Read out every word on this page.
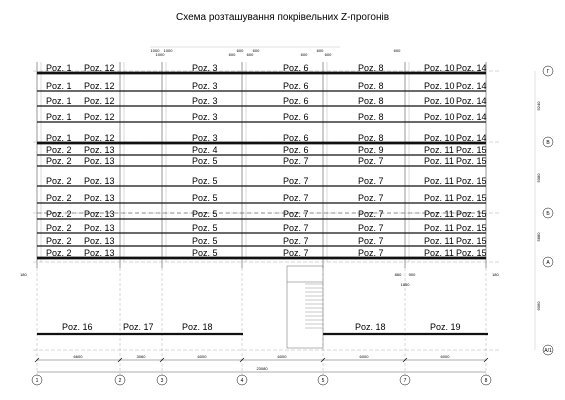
Схема розташування покрівельних Z-прогонів
Poz. 1 Poz. 12	Poz. 3	Poz. 6	Poz. 8	Poz. 10 Poz. 14
Poz. 1 Poz. 12	Poz. 3	Poz. 6	Poz. 8	Poz. 10 Poz. 14
Poz. 1 Poz. 12	Poz. 3	Poz. 6	Poz. 8	Poz. 10 Poz. 14
Poz. 1 Poz. 12	Poz. 3	Poz. 6	Poz. 8	Poz. 10 Poz. 14
Poz. 1 Poz. 12	Poz. 3	Poz. 6	Poz. 8	Poz. 10 Poz. 14
Poz. 2 Poz. 13	Poz. 4	Poz. 6	Poz. 9	Poz. 11 Poz. 15
Poz. 2 Poz. 13	Poz. 5	Poz. 7	Poz. 7	Poz. 11 Poz. 15
Poz. 2 Poz. 13	Poz. 5	Poz. 7	Poz. 7	Poz. 11 Poz. 15
Poz. 2 Poz. 13	Poz. 5	Poz. 7	Poz. 7	Poz. 11 Poz. 15
Poz. 2 Poz. 13	Poz. 5	Poz. 7	Poz. 7	Poz. 11 Poz. 15
Poz. 2 Poz. 13	Poz. 5	Poz. 7	Poz. 7	Poz. 11 Poz. 15
Poz. 2 Poz. 13	Poz. 5	Poz. 7	Poz. 7	Poz. 11 Poz. 15
Poz. 2 Poz. 13	Poz. 5	Poz. 7	Poz. 7	Poz. 11 Poz. 15
Poz. 16	Poz. 17	Poz. 18	Poz. 18	Poz. 19
6600	3060	6000	6000	6000	6000
23080
1000
1000
1000
600
600
600
600
600
600
600
600
9240
5080
5880
6060
180	180
860 900
1850
1	2	3	4	5	7	8
Г
В
Б
А
А/1
